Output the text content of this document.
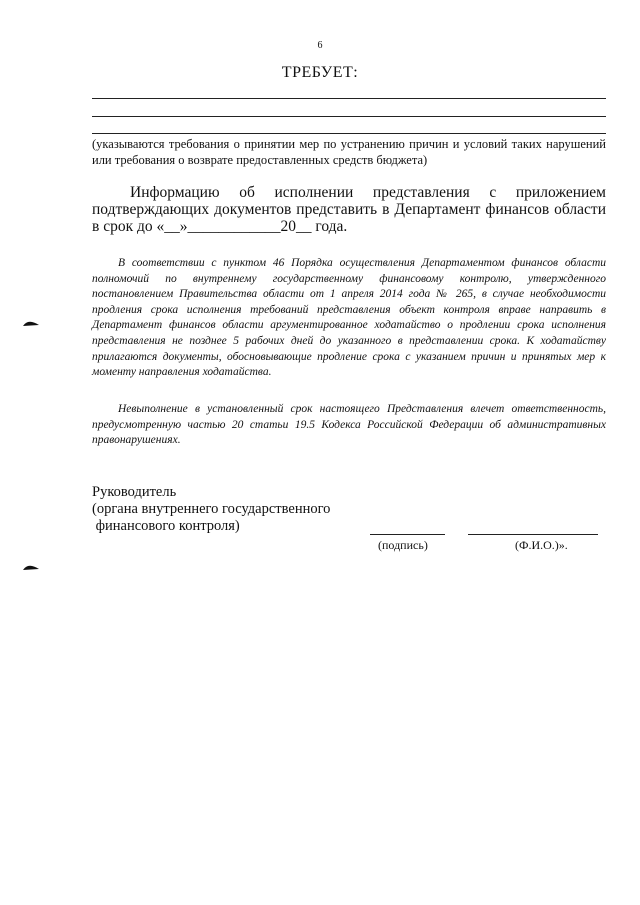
6
ТРЕБУЕТ:
(указываются требования о принятии мер по устранению причин и условий таких нарушений или требования о возврате предоставленных средств бюджета)

Информацию об исполнении представления с приложением подтверждающих документов представить в Департамент финансов области в срок до «__»____________20__ года.

В соответствии с пунктом 46 Порядка осуществления Департаментом финансов области полномочий по внутреннему государственному финансовому контролю, утвержденного постановлением Правительства области от 1 апреля 2014 года № 265, в случае необходимости продления срока исполнения требований представления объект контроля вправе направить в Департамент финансов области аргументированное ходатайство о продлении срока исполнения представления не позднее 5 рабочих дней до указанного в представлении срока. К ходатайству прилагаются документы, обосновывающие продление срока с указанием причин и принятых мер к моменту направления ходатайства.

Невыполнение в установленный срок настоящего Представления влечет ответственность, предусмотренную частью 20 статьи 19.5 Кодекса Российской Федерации об административных правонарушениях.

Руководитель
(органа внутреннего государственного
финансового контроля)
(подпись)	(Ф.И.О.)».
